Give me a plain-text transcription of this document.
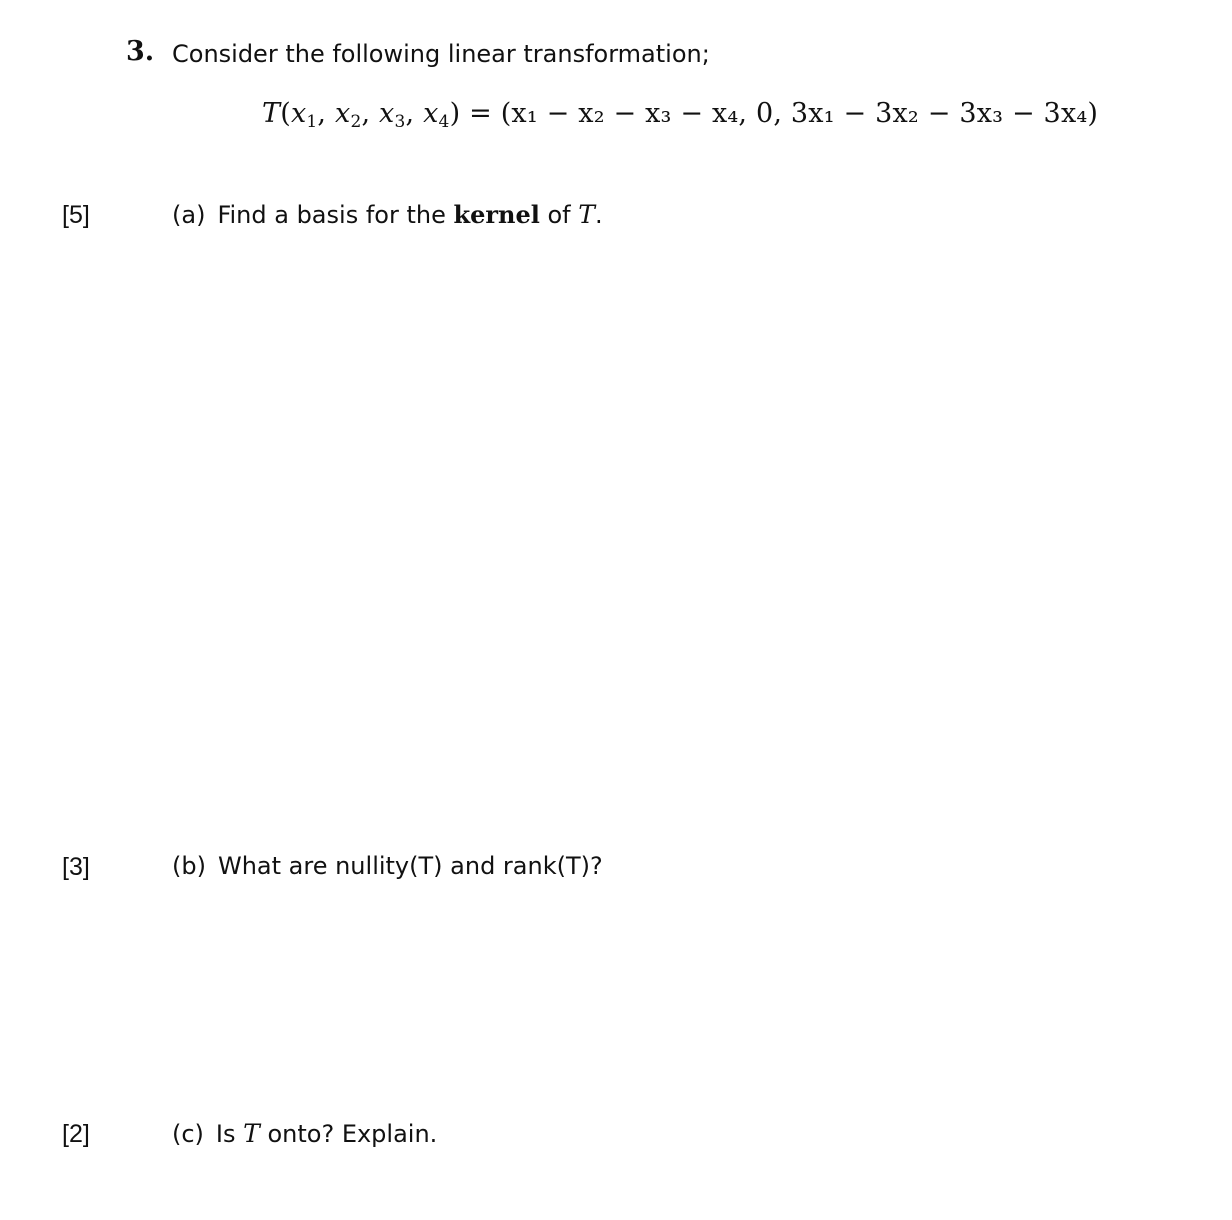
3. Consider the following linear transformation;
$T(x_1$, $x_2$, $x_3$, $x_4) = (x_1 - x_2 - x_3 - x_4$, 0, 3x₁ − 3x₂ − 3x₃ − 3x₄)
[5]	(a) Find a basis for the kernel of T.
[3]	(b) What are nullity(T) and rank(T)?
[2]	(c) Is T onto? Explain.
